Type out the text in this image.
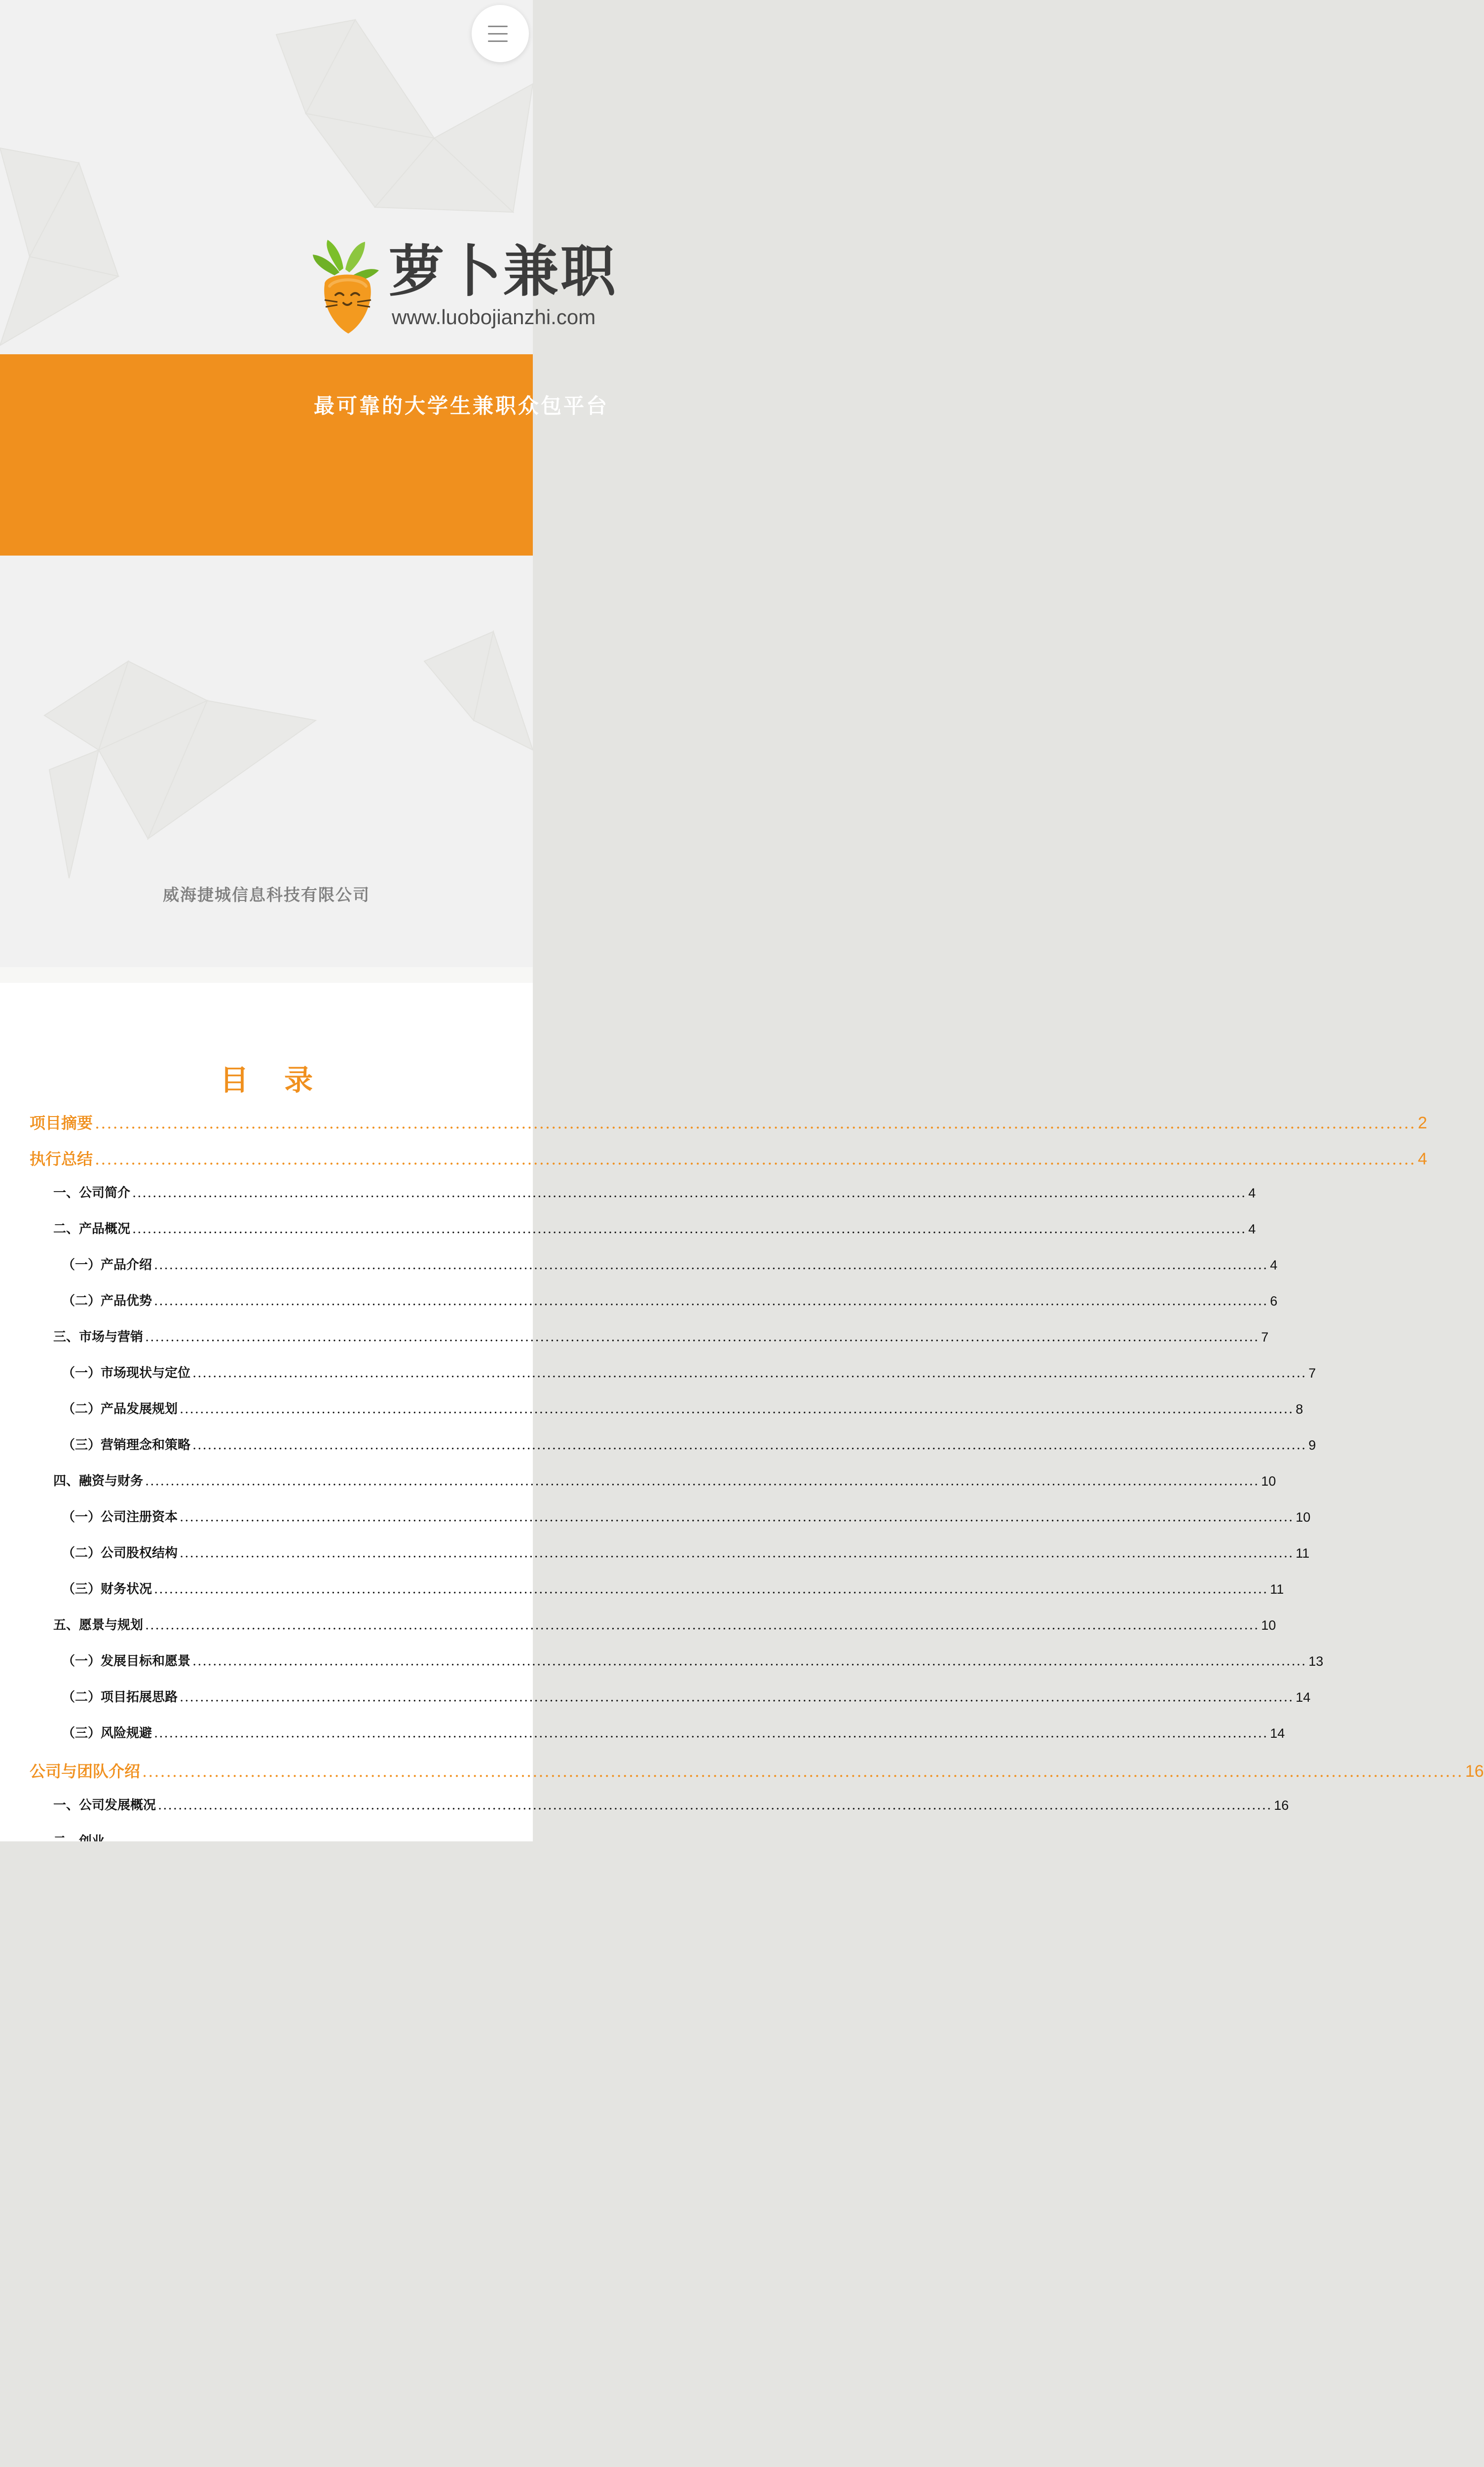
萝卜兼职
www.luobojianzhi.com
最可靠的大学生兼职众包平台
威海捷城信息科技有限公司
目 录
项目摘要 ............................................................................................................................................................................................................................ 2
执行总结 ............................................................................................................................................................................................................................ 4
一、公司简介 ............................................................................................................................................................................................................................ 4
二、产品概况 ............................................................................................................................................................................................................................ 4
（一）产品介绍 ............................................................................................................................................................................................................................ 4
（二）产品优势 ............................................................................................................................................................................................................................ 6
三、市场与营销 ............................................................................................................................................................................................................................ 7
（一）市场现状与定位 ............................................................................................................................................................................................................................ 7
（二）产品发展规划 ............................................................................................................................................................................................................................ 8
（三）营销理念和策略 ............................................................................................................................................................................................................................ 9
四、融资与财务 ............................................................................................................................................................................................................................ 10
（一）公司注册资本 ............................................................................................................................................................................................................................ 10
（二）公司股权结构 ............................................................................................................................................................................................................................ 11
（三）财务状况 ............................................................................................................................................................................................................................ 11
五、愿景与规划 ............................................................................................................................................................................................................................ 10
（一）发展目标和愿景 ............................................................................................................................................................................................................................ 13
（二）项目拓展思路 ............................................................................................................................................................................................................................ 14
（三）风险规避 ............................................................................................................................................................................................................................ 14
公司与团队介绍 ............................................................................................................................................................................................................................ 16
一、公司发展概况 ............................................................................................................................................................................................................................ 16
